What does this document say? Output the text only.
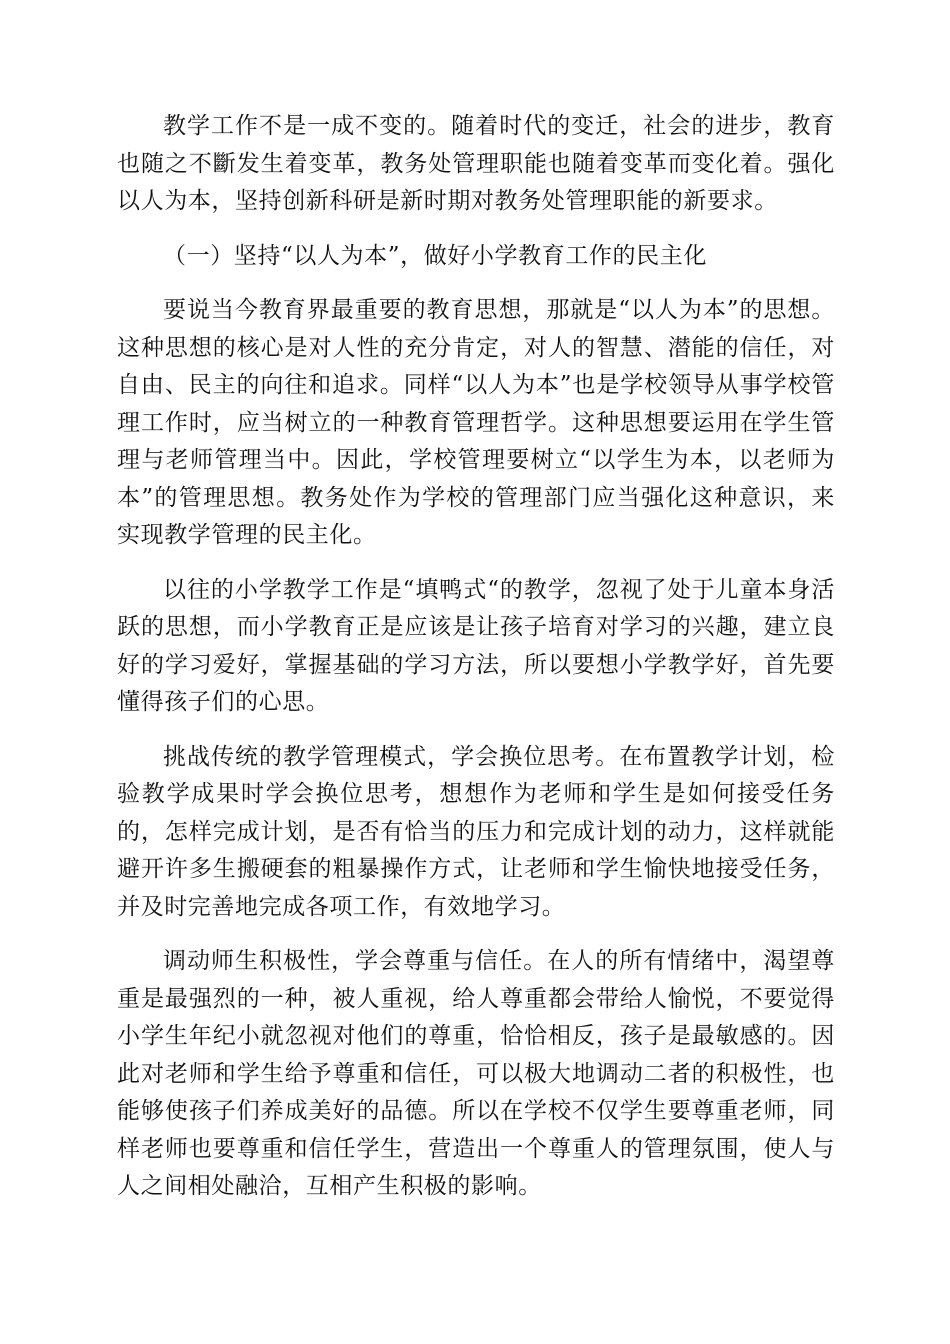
教学工作不是一成不变的。随着时代的变迁，社会的进步，教育也随之不斷发生着变革，教务处管理职能也随着变革而变化着。强化以人为本，坚持创新科研是新时期对教务处管理职能的新要求。

（一）坚持“以人为本”，做好小学教育工作的民主化

要说当今教育界最重要的教育思想，那就是“以人为本”的思想。这种思想的核心是对人性的充分肯定，对人的智慧、潜能的信任，对自由、民主的向往和追求。同样“以人为本”也是学校领导从事学校管理工作时，应当树立的一种教育管理哲学。这种思想要运用在学生管理与老师管理当中。因此，学校管理要树立“以学生为本，以老师为本”的管理思想。教务处作为学校的管理部门应当强化这种意识，来实现教学管理的民主化。

以往的小学教学工作是“填鸭式“的教学，忽视了处于儿童本身活跃的思想，而小学教育正是应该是让孩子培育对学习的兴趣，建立良好的学习爱好，掌握基础的学习方法，所以要想小学教学好，首先要懂得孩子们的心思。

挑战传统的教学管理模式，学会换位思考。在布置教学计划，检验教学成果时学会换位思考，想想作为老师和学生是如何接受任务的，怎样完成计划，是否有恰当的压力和完成计划的动力，这样就能避开许多生搬硬套的粗暴操作方式，让老师和学生愉快地接受任务，并及时完善地完成各项工作，有效地学习。

调动师生积极性，学会尊重与信任。在人的所有情绪中，渴望尊重是最强烈的一种，被人重视，给人尊重都会带给人愉悦，不要觉得小学生年纪小就忽视对他们的尊重，恰恰相反，孩子是最敏感的。因此对老师和学生给予尊重和信任，可以极大地调动二者的积极性，也能够使孩子们养成美好的品德。所以在学校不仅学生要尊重老师，同样老师也要尊重和信任学生，营造出一个尊重人的管理氛围，使人与人之间相处融洽，互相产生积极的影响。
